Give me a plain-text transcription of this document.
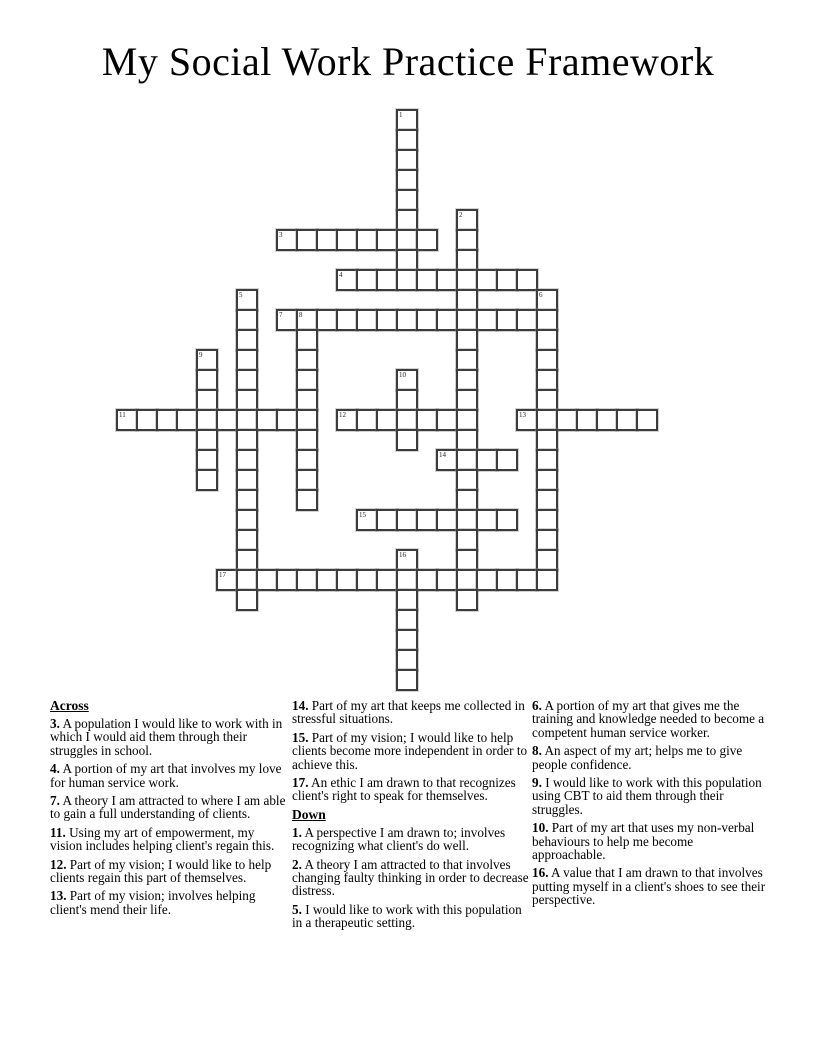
My Social Work Practice Framework
1
2
3
4
5	6
7 8
9
10
11	12	13
14
15
16
17
Across
3. A population I would like to work with in which I would aid them through their struggles in school.
4. A portion of my art that involves my love for human service work.
7. A theory I am attracted to where I am able to gain a full understanding of clients.
11. Using my art of empowerment, my vision includes helping client's regain this.
12. Part of my vision; I would like to help clients regain this part of themselves.
13. Part of my vision; involves helping client's mend their life.
14. Part of my art that keeps me collected in stressful situations.
15. Part of my vision; I would like to help clients become more independent in order to achieve this.
17. An ethic I am drawn to that recognizes client's right to speak for themselves.
Down
1. A perspective I am drawn to; involves recognizing what client's do well.
2. A theory I am attracted to that involves changing faulty thinking in order to decrease distress.
5. I would like to work with this population in a therapeutic setting.
6. A portion of my art that gives me the training and knowledge needed to become a competent human service worker.
8. An aspect of my art; helps me to give people confidence.
9. I would like to work with this population using CBT to aid them through their struggles.
10. Part of my art that uses my non-verbal behaviours to help me become approachable.
16. A value that I am drawn to that involves putting myself in a client's shoes to see their perspective.
